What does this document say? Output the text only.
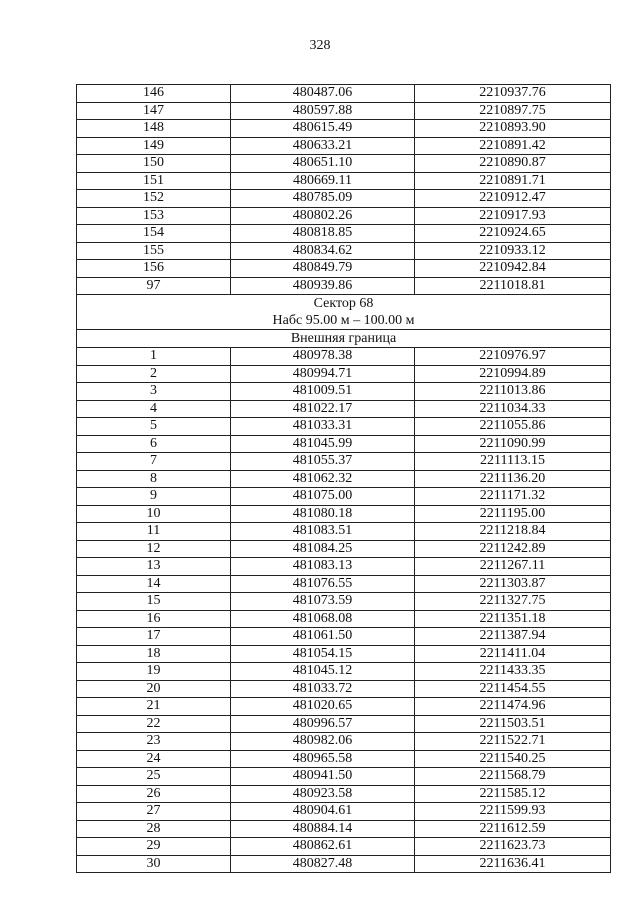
328
146	480487.06	2210937.76
147	480597.88	2210897.75
148	480615.49	2210893.90
149	480633.21	2210891.42
150	480651.10	2210890.87
151	480669.11	2210891.71
152	480785.09	2210912.47
153	480802.26	2210917.93
154	480818.85	2210924.65
155	480834.62	2210933.12
156	480849.79	2210942.84
97	480939.86	2211018.81

Сектор 68
Набс 95.00 м – 100.00 м		

Внешняя граница		
1	480978.38	2210976.97
2	480994.71	2210994.89
3	481009.51	2211013.86
4	481022.17	2211034.33
5	481033.31	2211055.86
6	481045.99	2211090.99
7	481055.37	2211113.15
8	481062.32	2211136.20
9	481075.00	2211171.32
10	481080.18	2211195.00
11	481083.51	2211218.84
12	481084.25	2211242.89
13	481083.13	2211267.11
14	481076.55	2211303.87
15	481073.59	2211327.75
16	481068.08	2211351.18
17	481061.50	2211387.94
18	481054.15	2211411.04
19	481045.12	2211433.35
20	481033.72	2211454.55
21	481020.65	2211474.96
22	480996.57	2211503.51
23	480982.06	2211522.71
24	480965.58	2211540.25
25	480941.50	2211568.79
26	480923.58	2211585.12
27	480904.61	2211599.93
28	480884.14	2211612.59
29	480862.61	2211623.73
30	480827.48	2211636.41
